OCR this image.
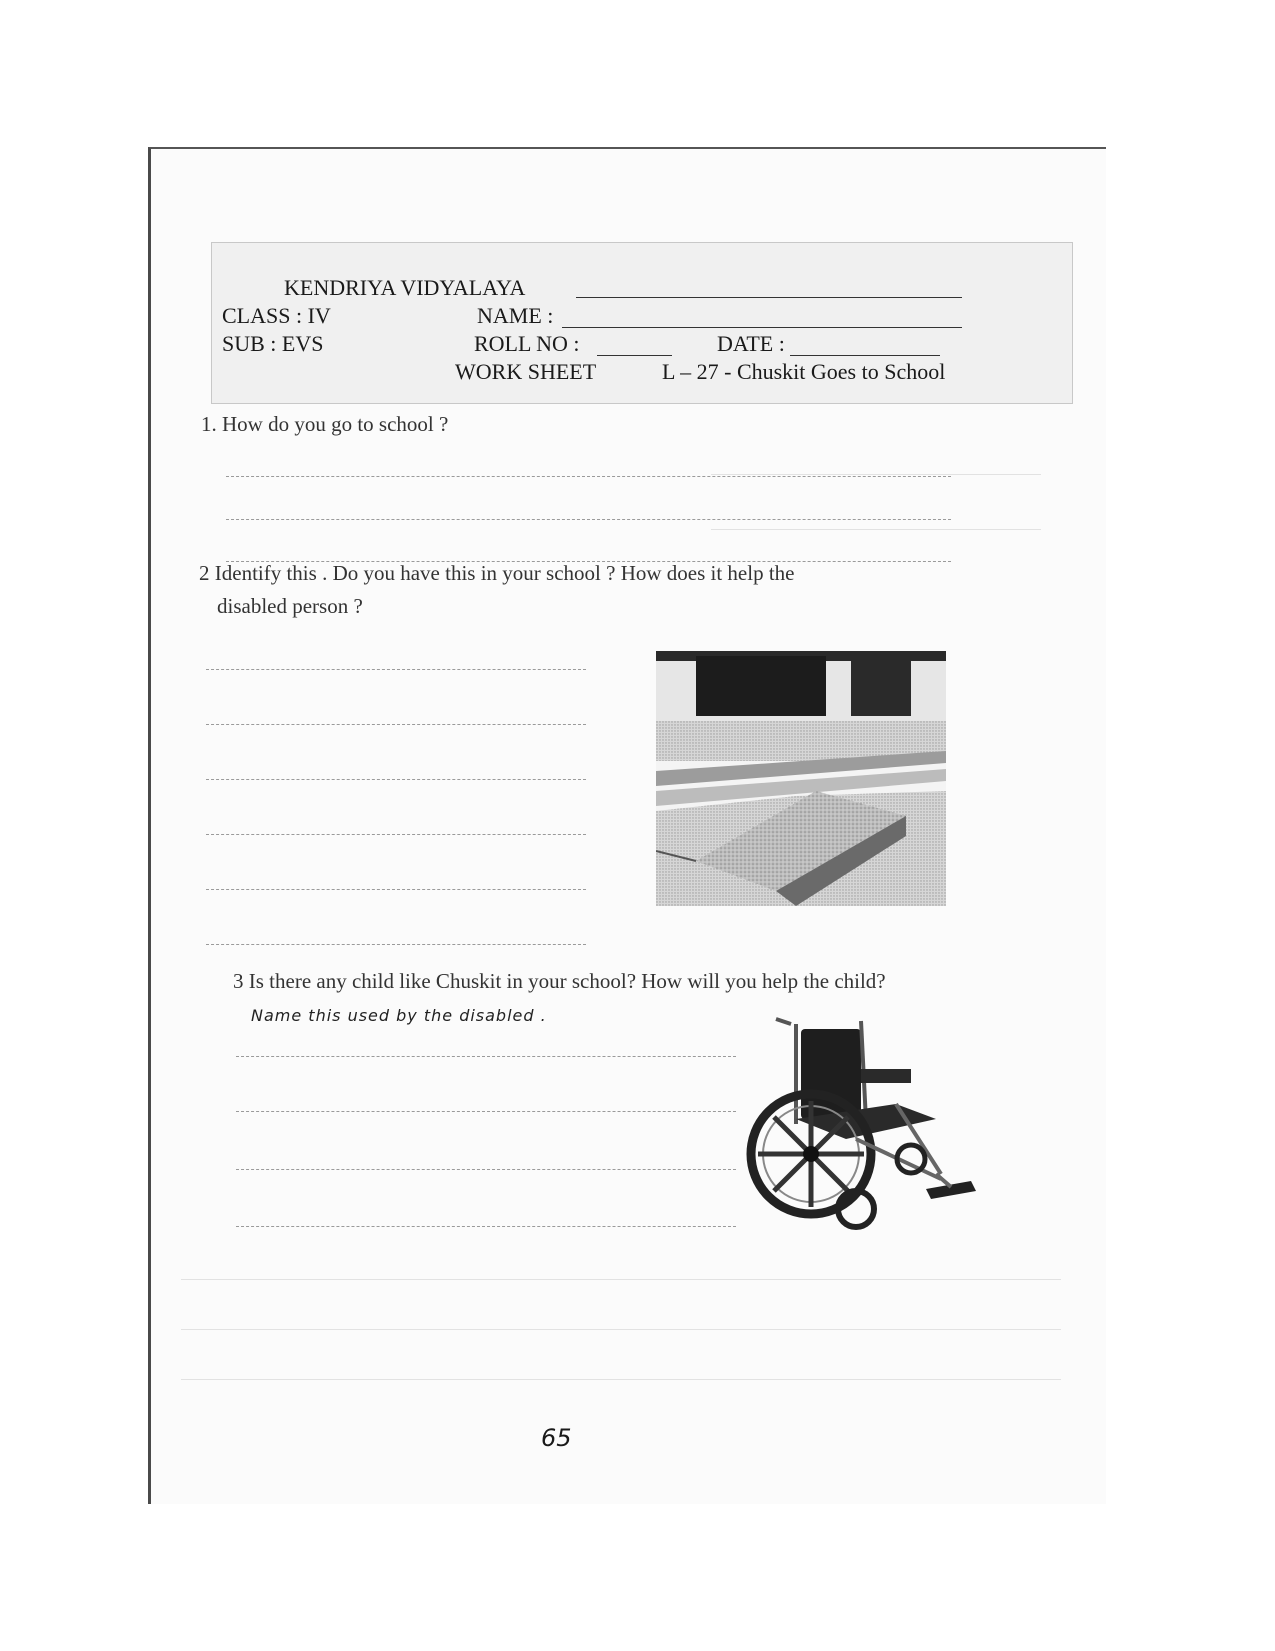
KENDRIYA VIDYALAYA
CLASS : IV	NAME :
SUB : EVS	ROLL NO :	DATE :
WORK SHEET	L – 27 - Chuskit Goes to School
1. How do you go to school ?
2 Identify this . Do you have this in your school ? How does it help the
disabled person ?
3 Is there any child like Chuskit in your school? How will you help the child?
Name this used by the disabled .
65
